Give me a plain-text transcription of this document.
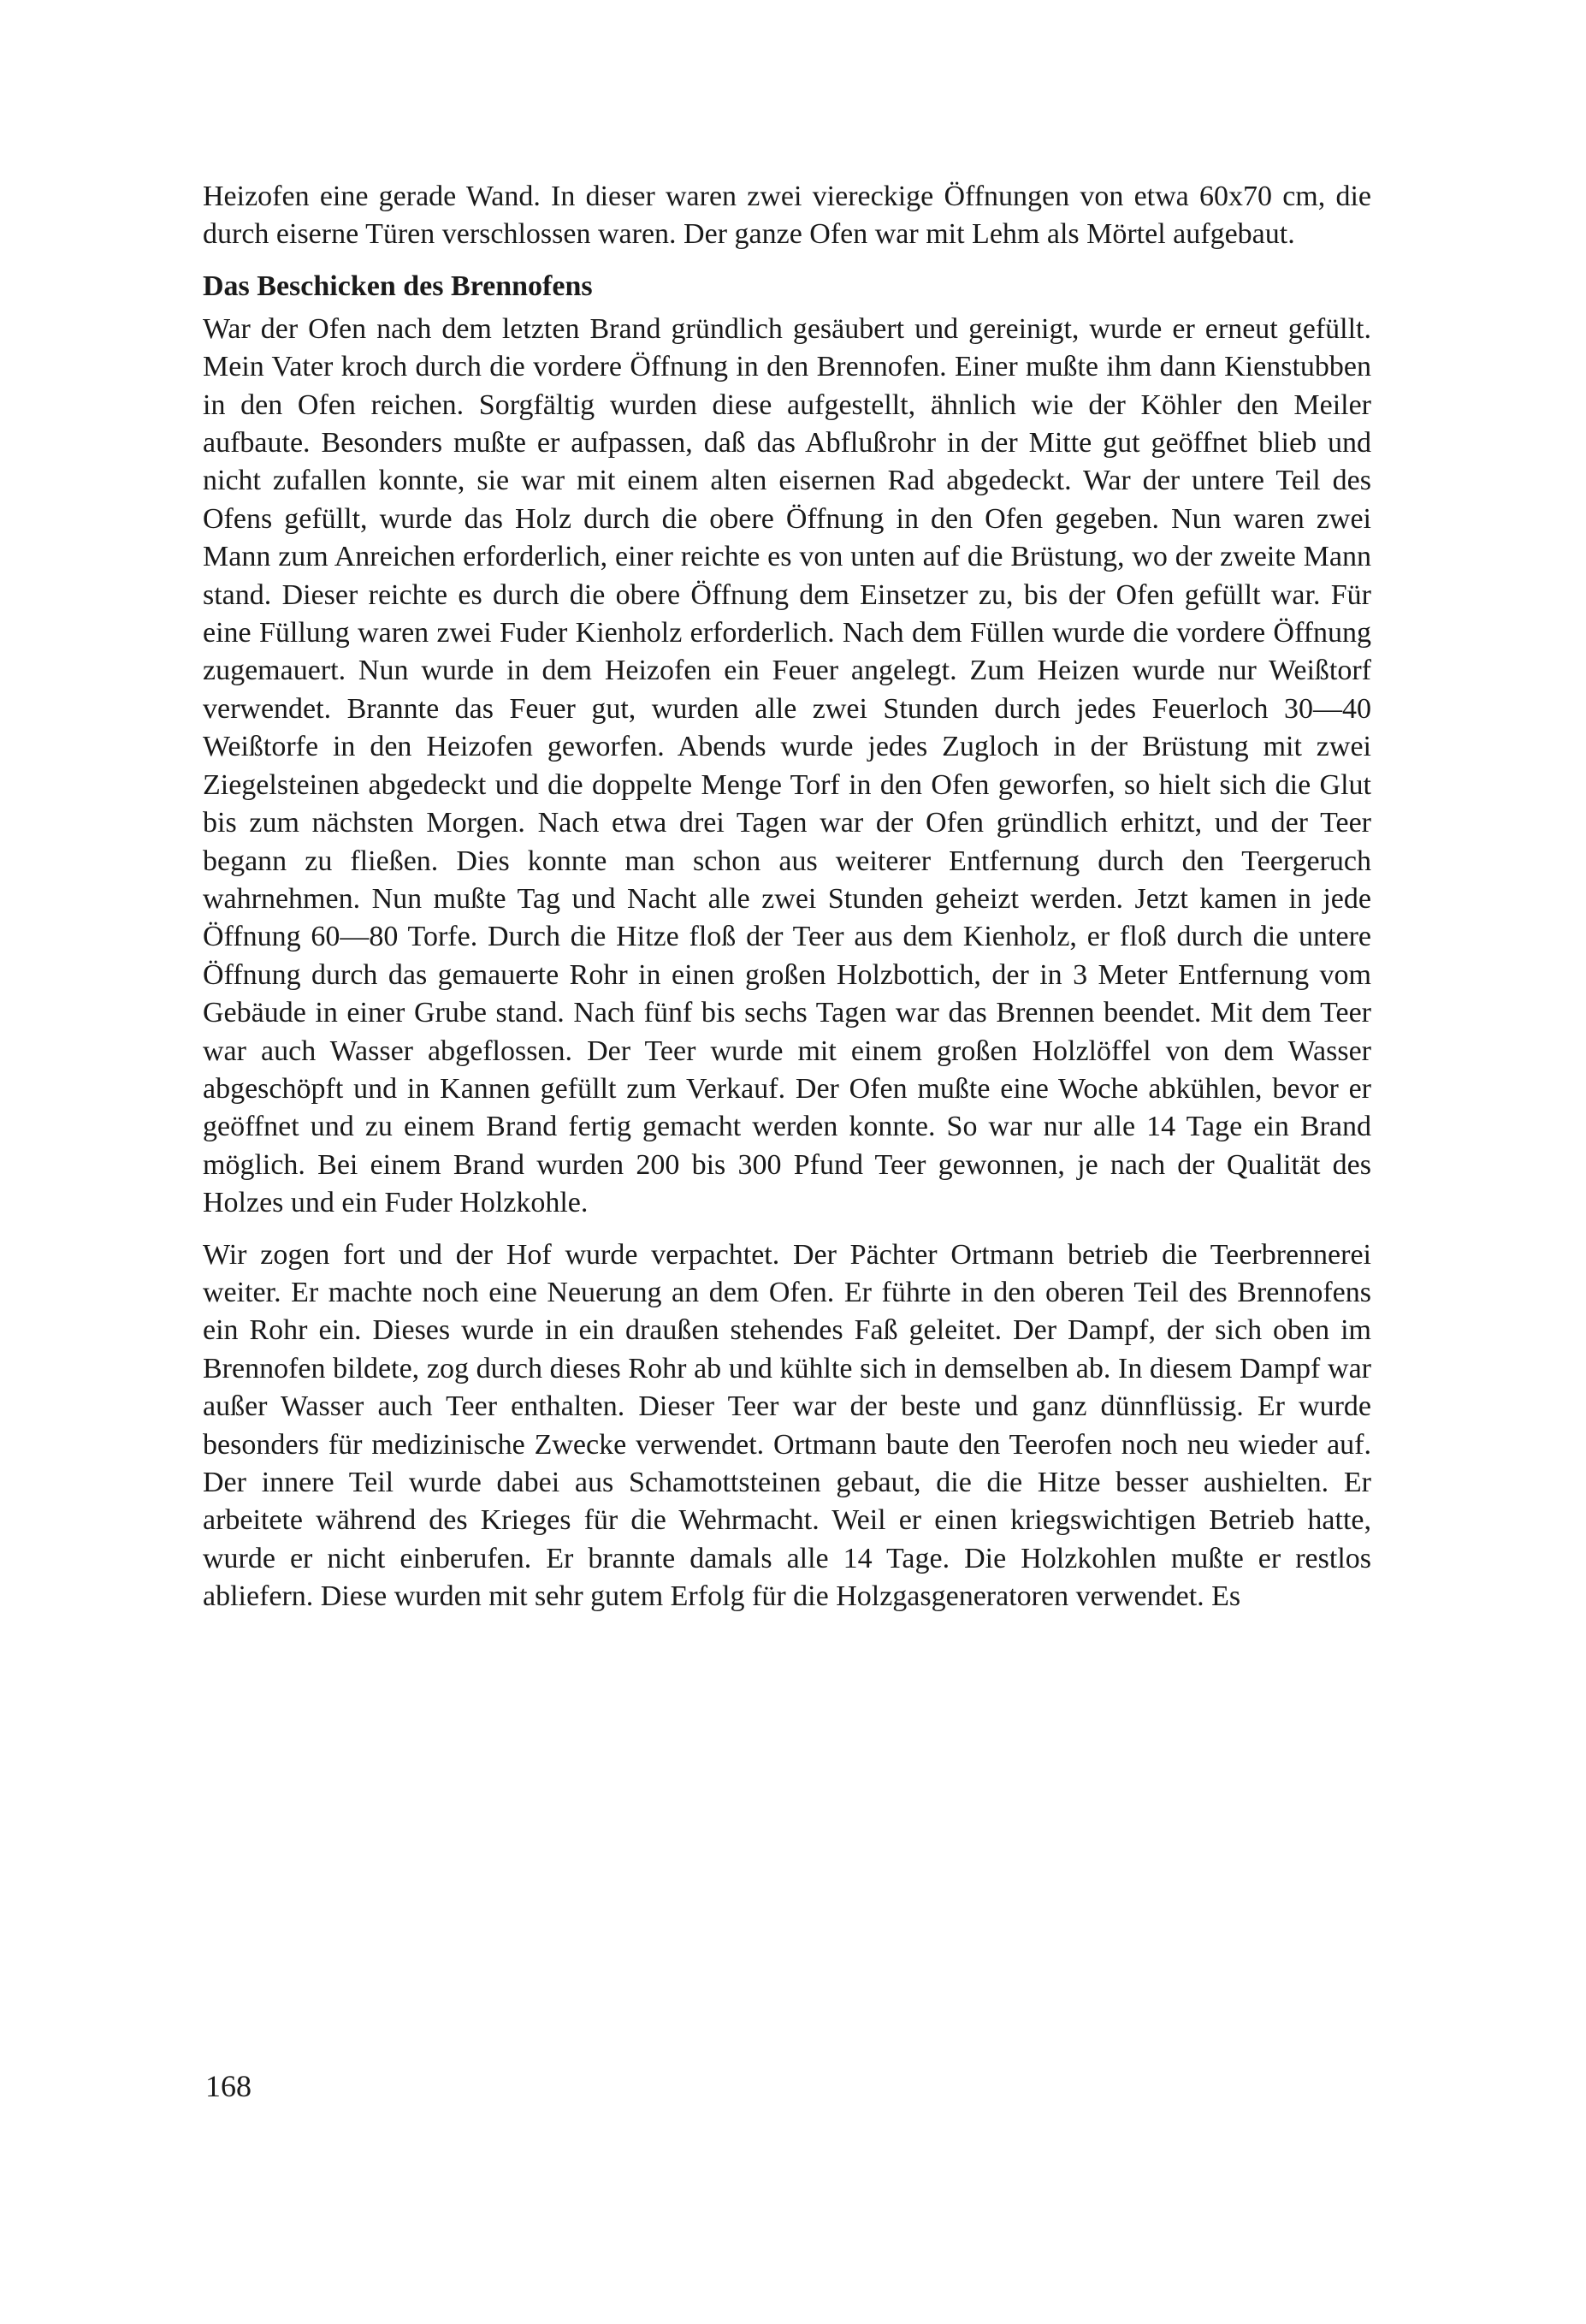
Heizofen eine gerade Wand. In dieser waren zwei viereckige Öffnungen von etwa 60x70 cm, die durch eiserne Türen verschlossen waren. Der ganze Ofen war mit Lehm als Mörtel aufgebaut.

Das Beschicken des Brennofens

War der Ofen nach dem letzten Brand gründlich gesäubert und gereinigt, wurde er erneut gefüllt. Mein Vater kroch durch die vordere Öffnung in den Brennofen. Einer mußte ihm dann Kienstubben in den Ofen reichen. Sorgfältig wurden diese aufgestellt, ähnlich wie der Köhler den Meiler aufbaute. Besonders mußte er aufpassen, daß das Abflußrohr in der Mitte gut geöffnet blieb und nicht zufallen konnte, sie war mit einem alten eisernen Rad abgedeckt. War der untere Teil des Ofens gefüllt, wurde das Holz durch die obere Öffnung in den Ofen gegeben. Nun waren zwei Mann zum Anreichen erforderlich, einer reichte es von unten auf die Brüstung, wo der zweite Mann stand. Dieser reichte es durch die obere Öffnung dem Einsetzer zu, bis der Ofen gefüllt war. Für eine Füllung waren zwei Fuder Kienholz erforderlich. Nach dem Füllen wurde die vordere Öffnung zugemauert. Nun wurde in dem Heizofen ein Feuer angelegt. Zum Heizen wurde nur Weißtorf verwendet. Brannte das Feuer gut, wurden alle zwei Stunden durch jedes Feuerloch 30—40 Weißtorfe in den Heizofen geworfen. Abends wurde jedes Zugloch in der Brüstung mit zwei Ziegelsteinen abgedeckt und die doppelte Menge Torf in den Ofen geworfen, so hielt sich die Glut bis zum nächsten Morgen. Nach etwa drei Tagen war der Ofen gründlich erhitzt, und der Teer begann zu fließen. Dies konnte man schon aus weiterer Entfernung durch den Teergeruch wahrnehmen. Nun mußte Tag und Nacht alle zwei Stunden geheizt werden. Jetzt kamen in jede Öffnung 60—80 Torfe. Durch die Hitze floß der Teer aus dem Kienholz, er floß durch die untere Öffnung durch das gemauerte Rohr in einen großen Holzbottich, der in 3 Meter Entfernung vom Gebäude in einer Grube stand. Nach fünf bis sechs Tagen war das Brennen beendet. Mit dem Teer war auch Wasser abgeflossen. Der Teer wurde mit einem großen Holzlöffel von dem Wasser abgeschöpft und in Kannen gefüllt zum Verkauf. Der Ofen mußte eine Woche abkühlen, bevor er geöffnet und zu einem Brand fertig gemacht werden konnte. So war nur alle 14 Tage ein Brand möglich. Bei einem Brand wurden 200 bis 300 Pfund Teer gewonnen, je nach der Qualität des Holzes und ein Fuder Holzkohle.

Wir zogen fort und der Hof wurde verpachtet. Der Pächter Ortmann betrieb die Teerbrennerei weiter. Er machte noch eine Neuerung an dem Ofen. Er führte in den oberen Teil des Brennofens ein Rohr ein. Dieses wurde in ein draußen stehendes Faß geleitet. Der Dampf, der sich oben im Brennofen bildete, zog durch dieses Rohr ab und kühlte sich in demselben ab. In diesem Dampf war außer Wasser auch Teer enthalten. Dieser Teer war der beste und ganz dünnflüssig. Er wurde besonders für medizinische Zwecke verwendet. Ortmann baute den Teerofen noch neu wieder auf. Der innere Teil wurde dabei aus Schamottsteinen gebaut, die die Hitze besser aushielten. Er arbeitete während des Krieges für die Wehrmacht. Weil er einen kriegswichtigen Betrieb hatte, wurde er nicht einberufen. Er brannte damals alle 14 Tage. Die Holzkohlen mußte er restlos abliefern. Diese wurden mit sehr gutem Erfolg für die Holzgasgeneratoren verwendet. Es

168
